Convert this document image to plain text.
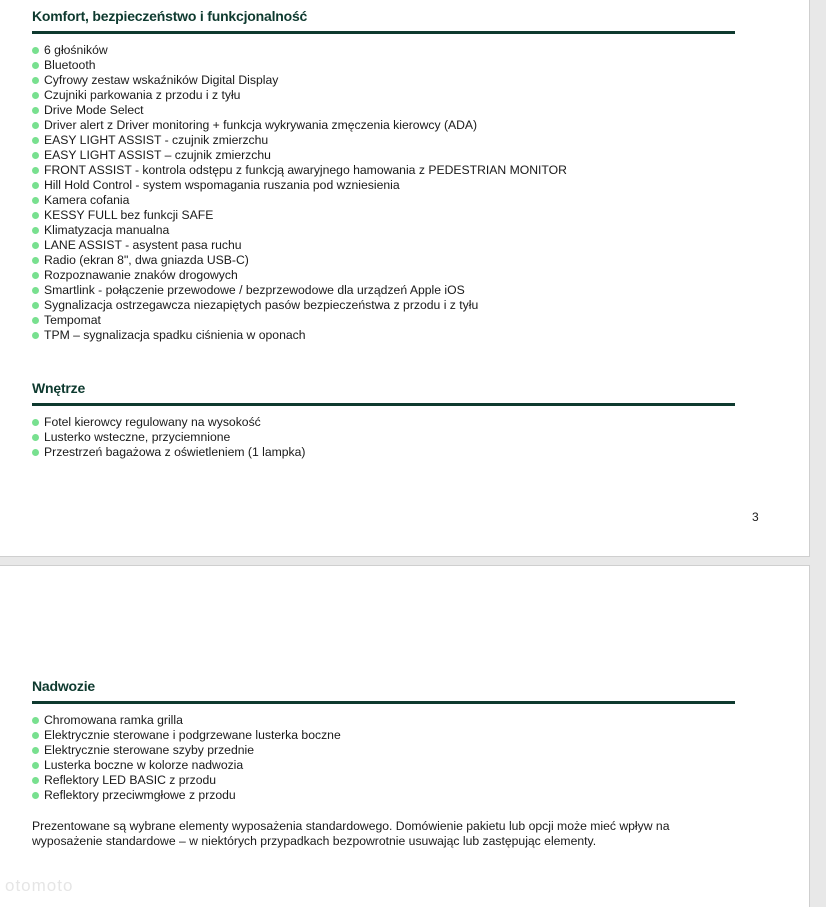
Komfort, bezpieczeństwo i funkcjonalność
6 głośników
Bluetooth
Cyfrowy zestaw wskaźników Digital Display
Czujniki parkowania z przodu i z tyłu
Drive Mode Select
Driver alert z Driver monitoring + funkcja wykrywania zmęczenia kierowcy (ADA)
EASY LIGHT ASSIST - czujnik zmierzchu
EASY LIGHT ASSIST – czujnik zmierzchu
FRONT ASSIST - kontrola odstępu z funkcją awaryjnego hamowania z PEDESTRIAN MONITOR
Hill Hold Control - system wspomagania ruszania pod wzniesienia
Kamera cofania
KESSY FULL bez funkcji SAFE
Klimatyzacja manualna
LANE ASSIST - asystent pasa ruchu
Radio (ekran 8", dwa gniazda USB-C)
Rozpoznawanie znaków drogowych
Smartlink - połączenie przewodowe / bezprzewodowe dla urządzeń Apple iOS
Sygnalizacja ostrzegawcza niezapiętych pasów bezpieczeństwa z przodu i z tyłu
Tempomat
TPM – sygnalizacja spadku ciśnienia w oponach
Wnętrze
Fotel kierowcy regulowany na wysokość
Lusterko wsteczne, przyciemnione
Przestrzeń bagażowa z oświetleniem (1 lampka)
3
Nadwozie
Chromowana ramka grilla
Elektrycznie sterowane i podgrzewane lusterka boczne
Elektrycznie sterowane szyby przednie
Lusterka boczne w kolorze nadwozia
Reflektory LED BASIC z przodu
Reflektory przeciwmgłowe z przodu
Prezentowane są wybrane elementy wyposażenia standardowego. Domówienie pakietu lub opcji może mieć wpływ na
wyposażenie standardowe – w niektórych przypadkach bezpowrotnie usuwając lub zastępując elementy.
otomoto
